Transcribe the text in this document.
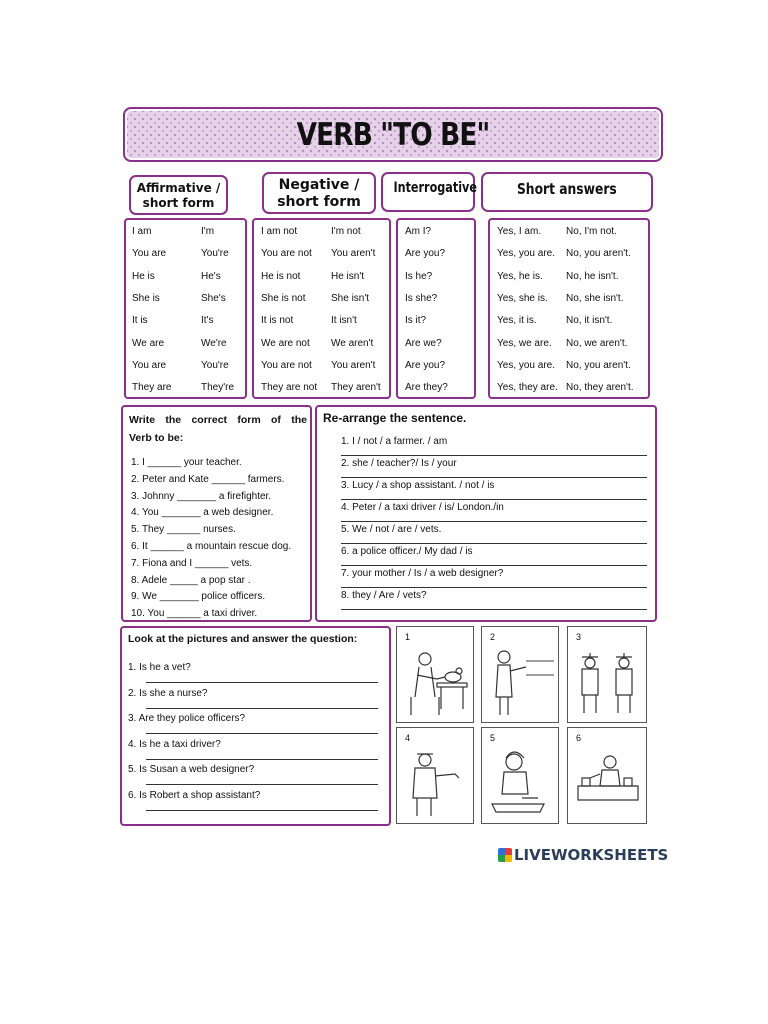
VERB "TO BE"
Affirmative /
short form
Negative /
short form
Interrogative	Short answers
I am	I'm
You are	You're
He is	He's
She is	She's
It is	It's
We are	We're
You are	You're
They are	They're
I am not	I'm not
You are not You aren't
He is not	He isn't
She is not	She isn't
It is not	It isn't
We are not We aren't
You are not You aren't
They are not They aren't
Am I?
Are you?
Is he?
Is she?
Is it?
Are we?
Are you?
Are they?
Yes, I am. No, I'm not.
Yes, you are. No, you aren't.
Yes, he is. No, he isn't.
Yes, she is. No, she isn't.
Yes, it is.	No, it isn't.
Yes, we are. No, we aren't.
Yes, you are. No, you aren't.
Yes, they are. No, they aren't.
Write the correct form of the
Verb to be:
1. I ______ your teacher.
2. Peter and Kate ______ farmers.
3. Johnny _______ a firefighter.
4. You _______ a web designer.
5. They ______ nurses.
6. It ______ a mountain rescue dog.
7. Fiona and I ______ vets.
8. Adele _____ a pop star .
9. We _______ police officers.
10. You ______ a taxi driver.
Re-arrange the sentence.
1. I / not / a farmer. / am
2. she / teacher?/ Is / your
3. Lucy / a shop assistant. / not / is
4. Peter / a taxi driver / is/ London./in
5. We / not / are / vets.
6. a police officer./ My dad / is
7. your mother / Is / a web designer?
8. they / Are / vets?
Look at the pictures and answer the question:
1. Is he a vet?
2. Is she a nurse?
3. Are they police officers?
4. Is he a taxi driver?
5. Is Susan a web designer?
6. Is Robert a shop assistant?
1	2	3
4	5	6
LIVEWORKSHEETS
